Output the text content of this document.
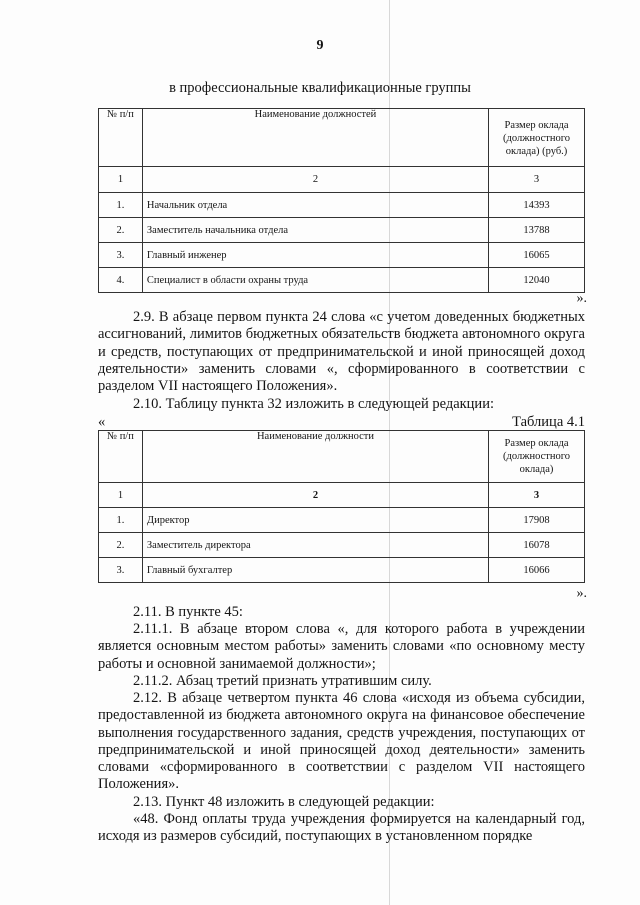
9
в профессиональные квалификационные группы
№ п/п	Наименование должностей	Размер оклада (должностного оклада) (руб.)
1	2	3
1.	Начальник отдела	14393
2.	Заместитель начальника отдела	13788
3.	Главный инженер	16065
4.	Специалист в области охраны труда	12040
».

2.9. В абзаце первом пункта 24 слова «с учетом доведенных бюджетных ассигнований, лимитов бюджетных обязательств бюджета автономного округа и средств, поступающих от предпринимательской и иной приносящей доход деятельности» заменить словами «, сформированного в соответствии с разделом VII настоящего Положения».

2.10. Таблицу пункта 32 изложить в следующей редакции:

«	Таблица 4.1
№ п/п	Наименование должности	Размер оклада (должностного оклада)
1	2	3
1.	Директор	17908
2.	Заместитель директора	16078
3.	Главный бухгалтер	16066
».

2.11. В пункте 45:

2.11.1. В абзаце втором слова «, для которого работа в учреждении является основным местом работы» заменить словами «по основному месту работы и основной занимаемой должности»;

2.11.2. Абзац третий признать утратившим силу.

2.12. В абзаце четвертом пункта 46 слова «исходя из объема субсидии, предоставленной из бюджета автономного округа на финансовое обеспечение выполнения государственного задания, средств учреждения, поступающих от предпринимательской и иной приносящей доход деятельности» заменить словами «сформированного в соответствии с разделом VII настоящего Положения».

2.13. Пункт 48 изложить в следующей редакции:

«48. Фонд оплаты труда учреждения формируется на календарный год, исходя из размеров субсидий, поступающих в установленном порядке
